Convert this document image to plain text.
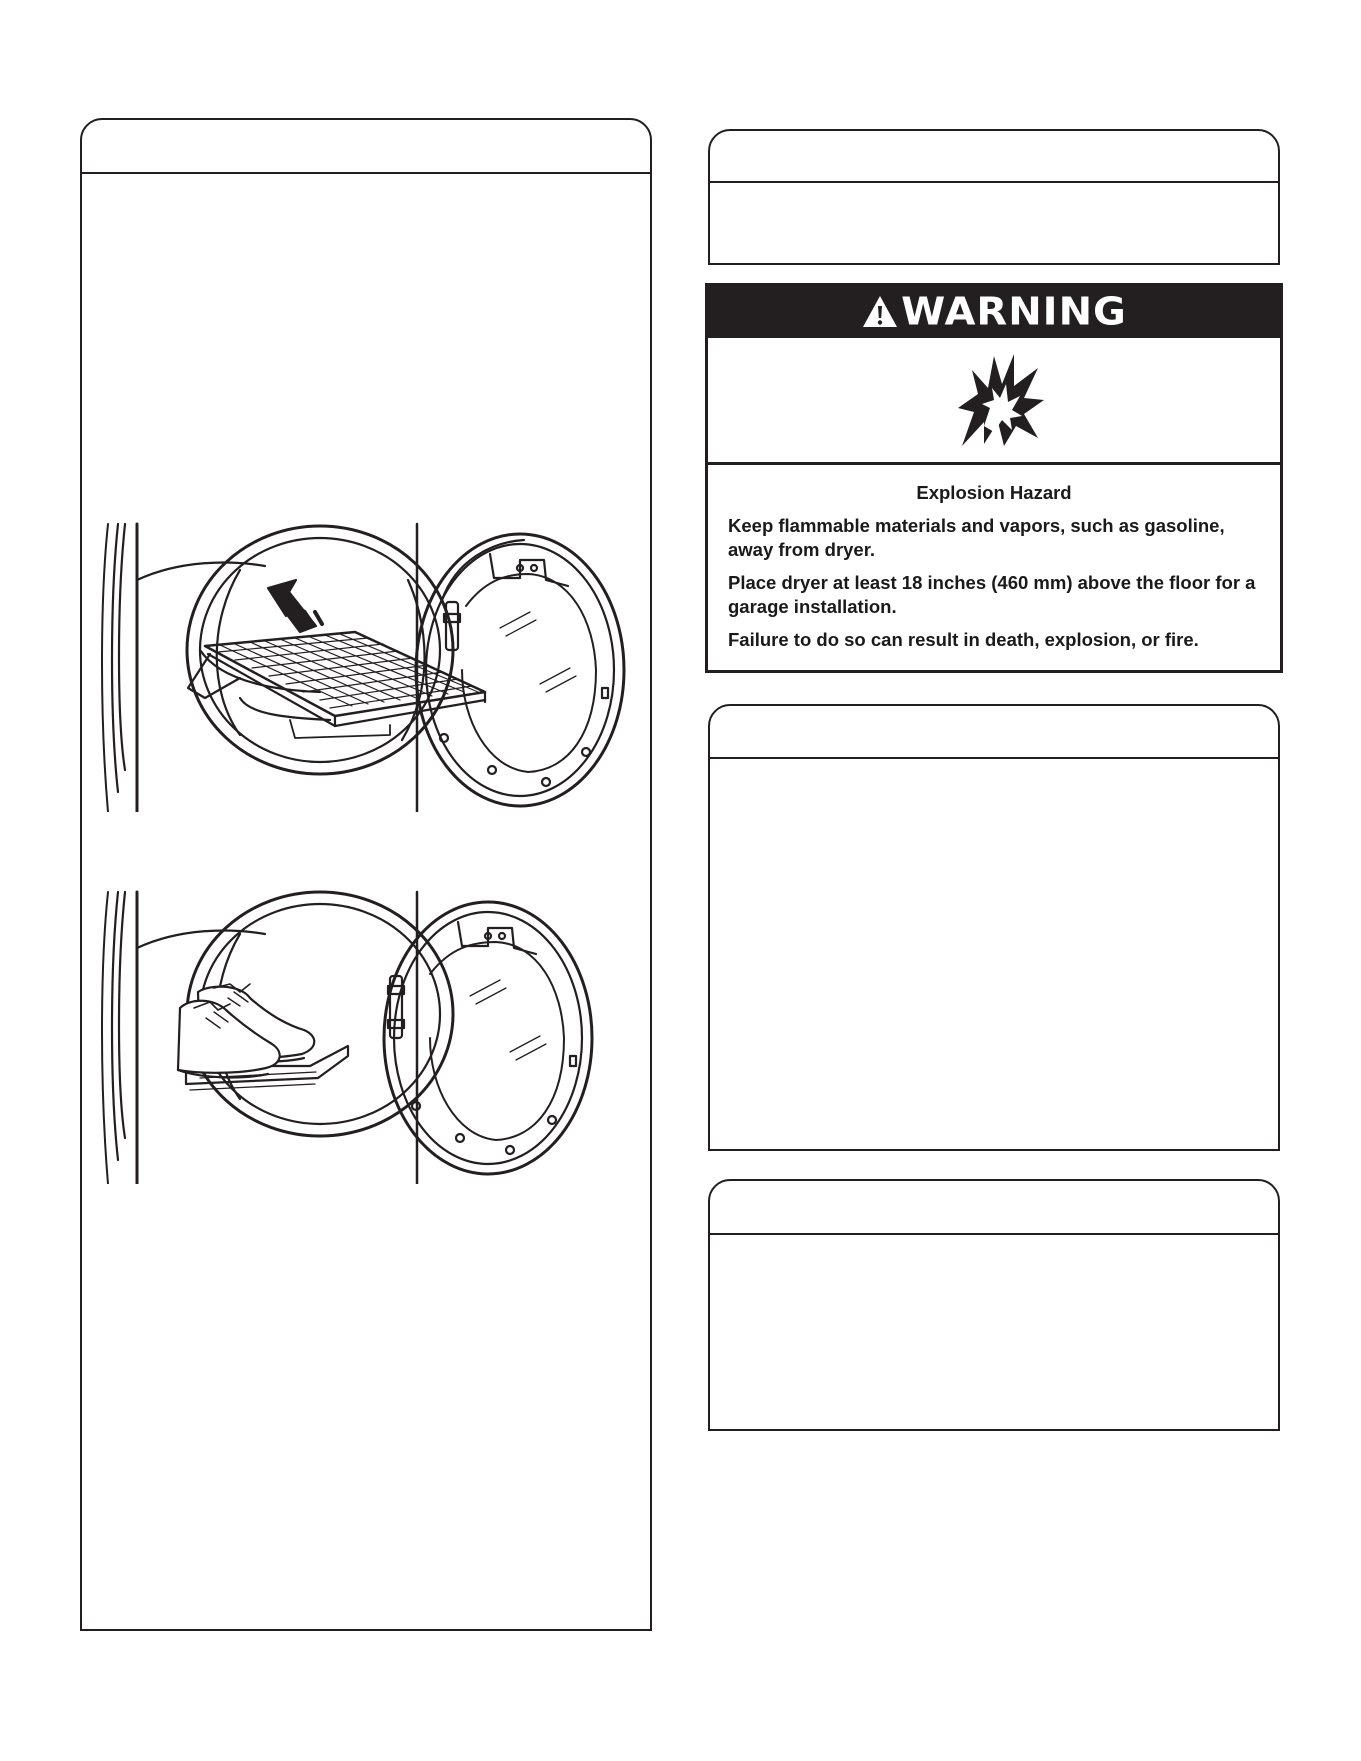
WARNING

Explosion Hazard

Keep flammable materials and vapors, such as gasoline, away from dryer.

Place dryer at least 18 inches (460 mm) above the floor for a garage installation.

Failure to do so can result in death, explosion, or fire.
